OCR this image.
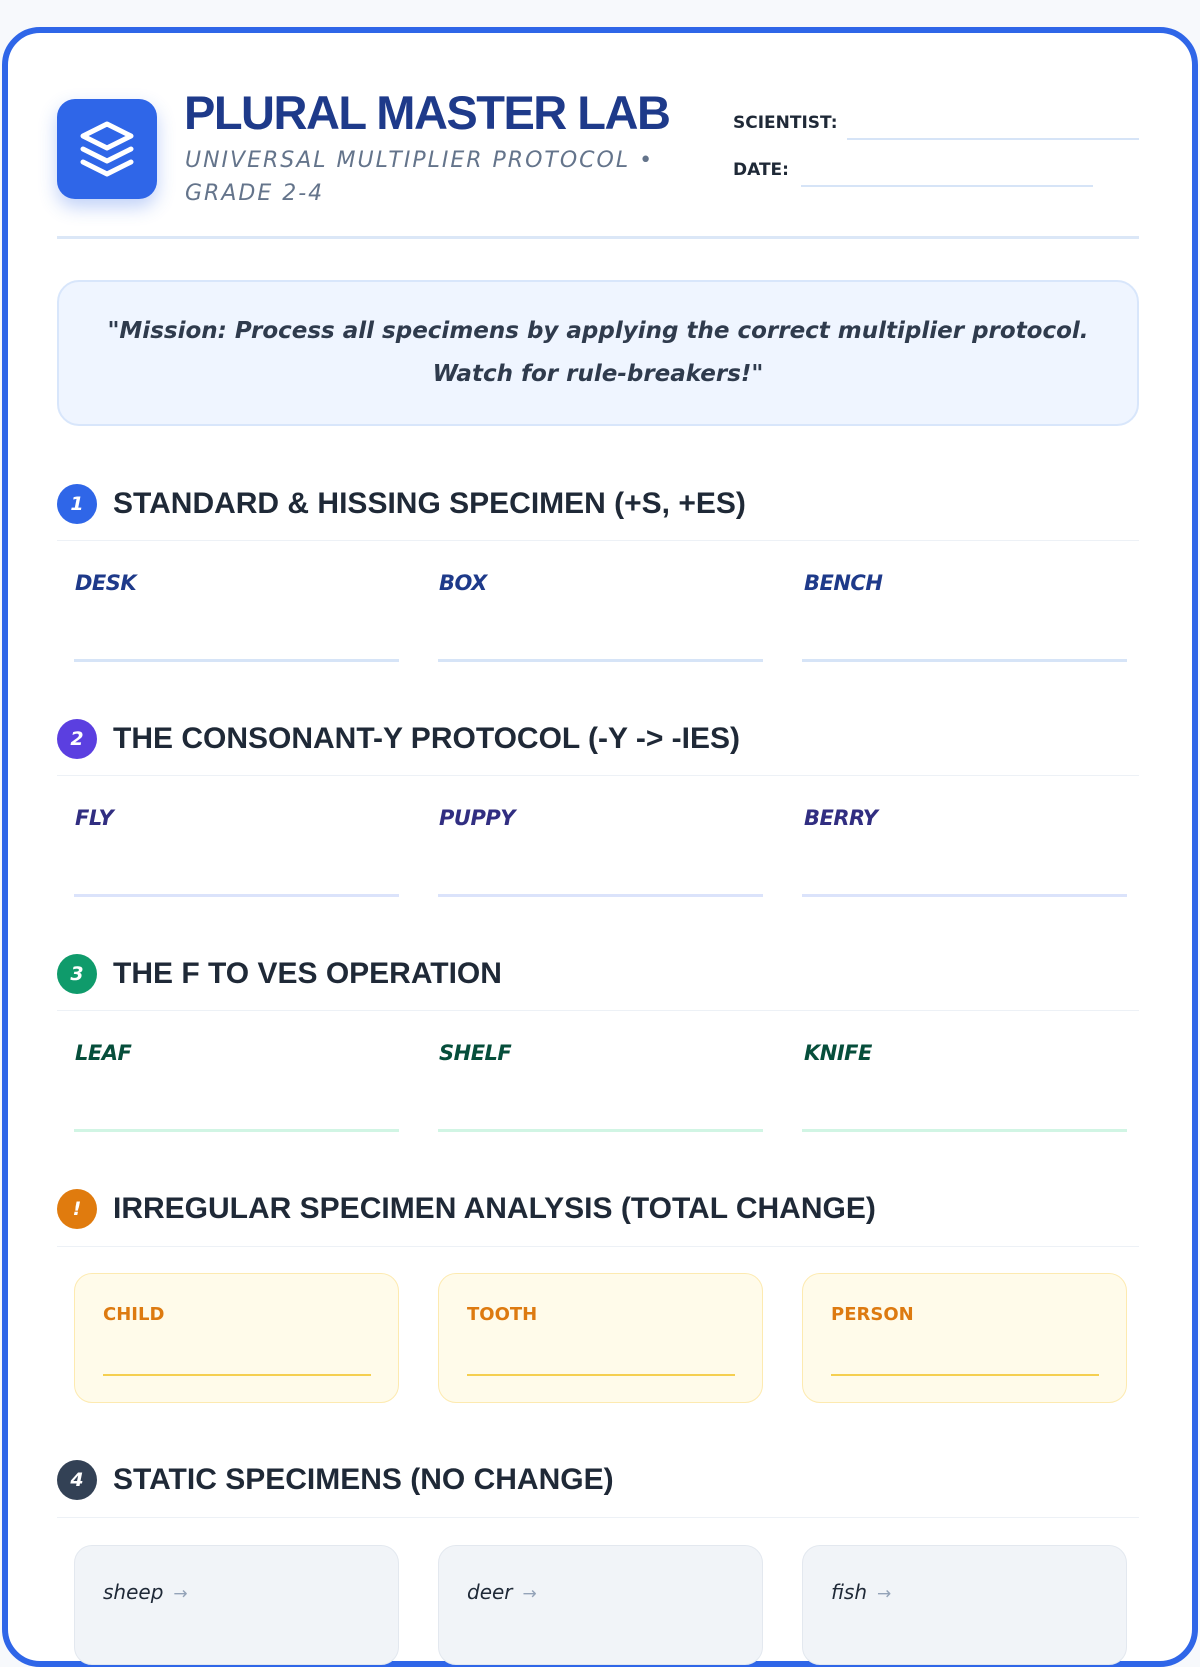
PLURAL MASTER LAB
UNIVERSAL MULTIPLIER PROTOCOL • GRADE 2-4
SCIENTIST:
DATE:
"Mission: Process all specimens by applying the correct multiplier protocol. Watch for rule-breakers!"
1 STANDARD & HISSING SPECIMEN (+S, +ES)
DESK	BOX	BENCH
2 THE CONSONANT-Y PROTOCOL (-Y -> -IES)
FLY	PUPPY	BERRY
3 THE F TO VES OPERATION
LEAF	SHELF	KNIFE
!	IRREGULAR SPECIMEN ANALYSIS (TOTAL CHANGE)
CHILD	TOOTH	PERSON
4 STATIC SPECIMENS (NO CHANGE)
sheep →	deer →	fish →
